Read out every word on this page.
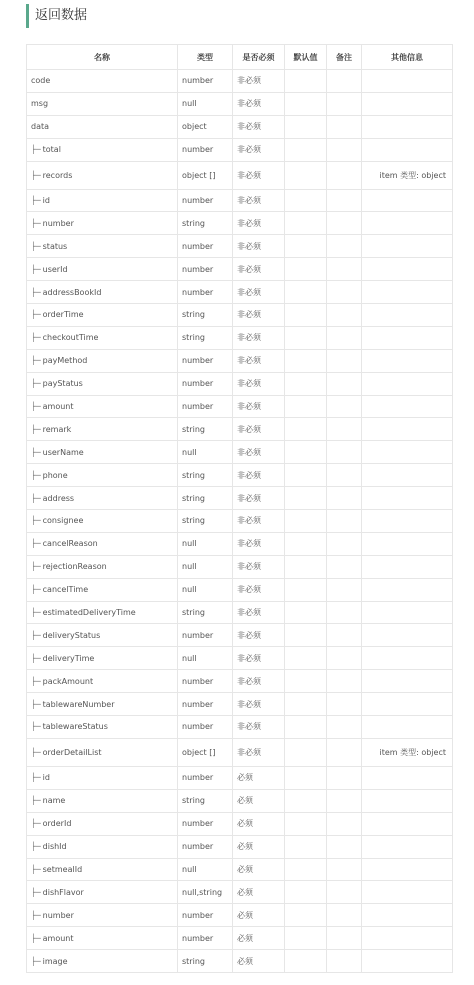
返回数据
名称	类型	是否必须	默认值	备注	其他信息
code	number	非必须			
msg	null	非必须			
data	object	非必须			
├─ total	number	非必须			
├─ records	object []	非必须			item 类型: object
├─ id	number	非必须			
├─ number	string	非必须			
├─ status	number	非必须			
├─ userId	number	非必须			
├─ addressBookId	number	非必须			
├─ orderTime	string	非必须			
├─ checkoutTime	string	非必须			
├─ payMethod	number	非必须			
├─ payStatus	number	非必须			
├─ amount	number	非必须			
├─ remark	string	非必须			
├─ userName	null	非必须			
├─ phone	string	非必须			
├─ address	string	非必须			
├─ consignee	string	非必须			
├─ cancelReason	null	非必须			
├─ rejectionReason	null	非必须			
├─ cancelTime	null	非必须			
├─ estimatedDeliveryTime	string	非必须			
├─ deliveryStatus	number	非必须			
├─ deliveryTime	null	非必须			
├─ packAmount	number	非必须			
├─ tablewareNumber	number	非必须			
├─ tablewareStatus	number	非必须			
├─ orderDetailList	object []	非必须			item 类型: object
├─ id	number	必须			
├─ name	string	必须			
├─ orderId	number	必须			
├─ dishId	number	必须			
├─ setmealId	null	必须			
├─ dishFlavor	null,string	必须			
├─ number	number	必须			
├─ amount	number	必须			
├─ image	string	必须			
